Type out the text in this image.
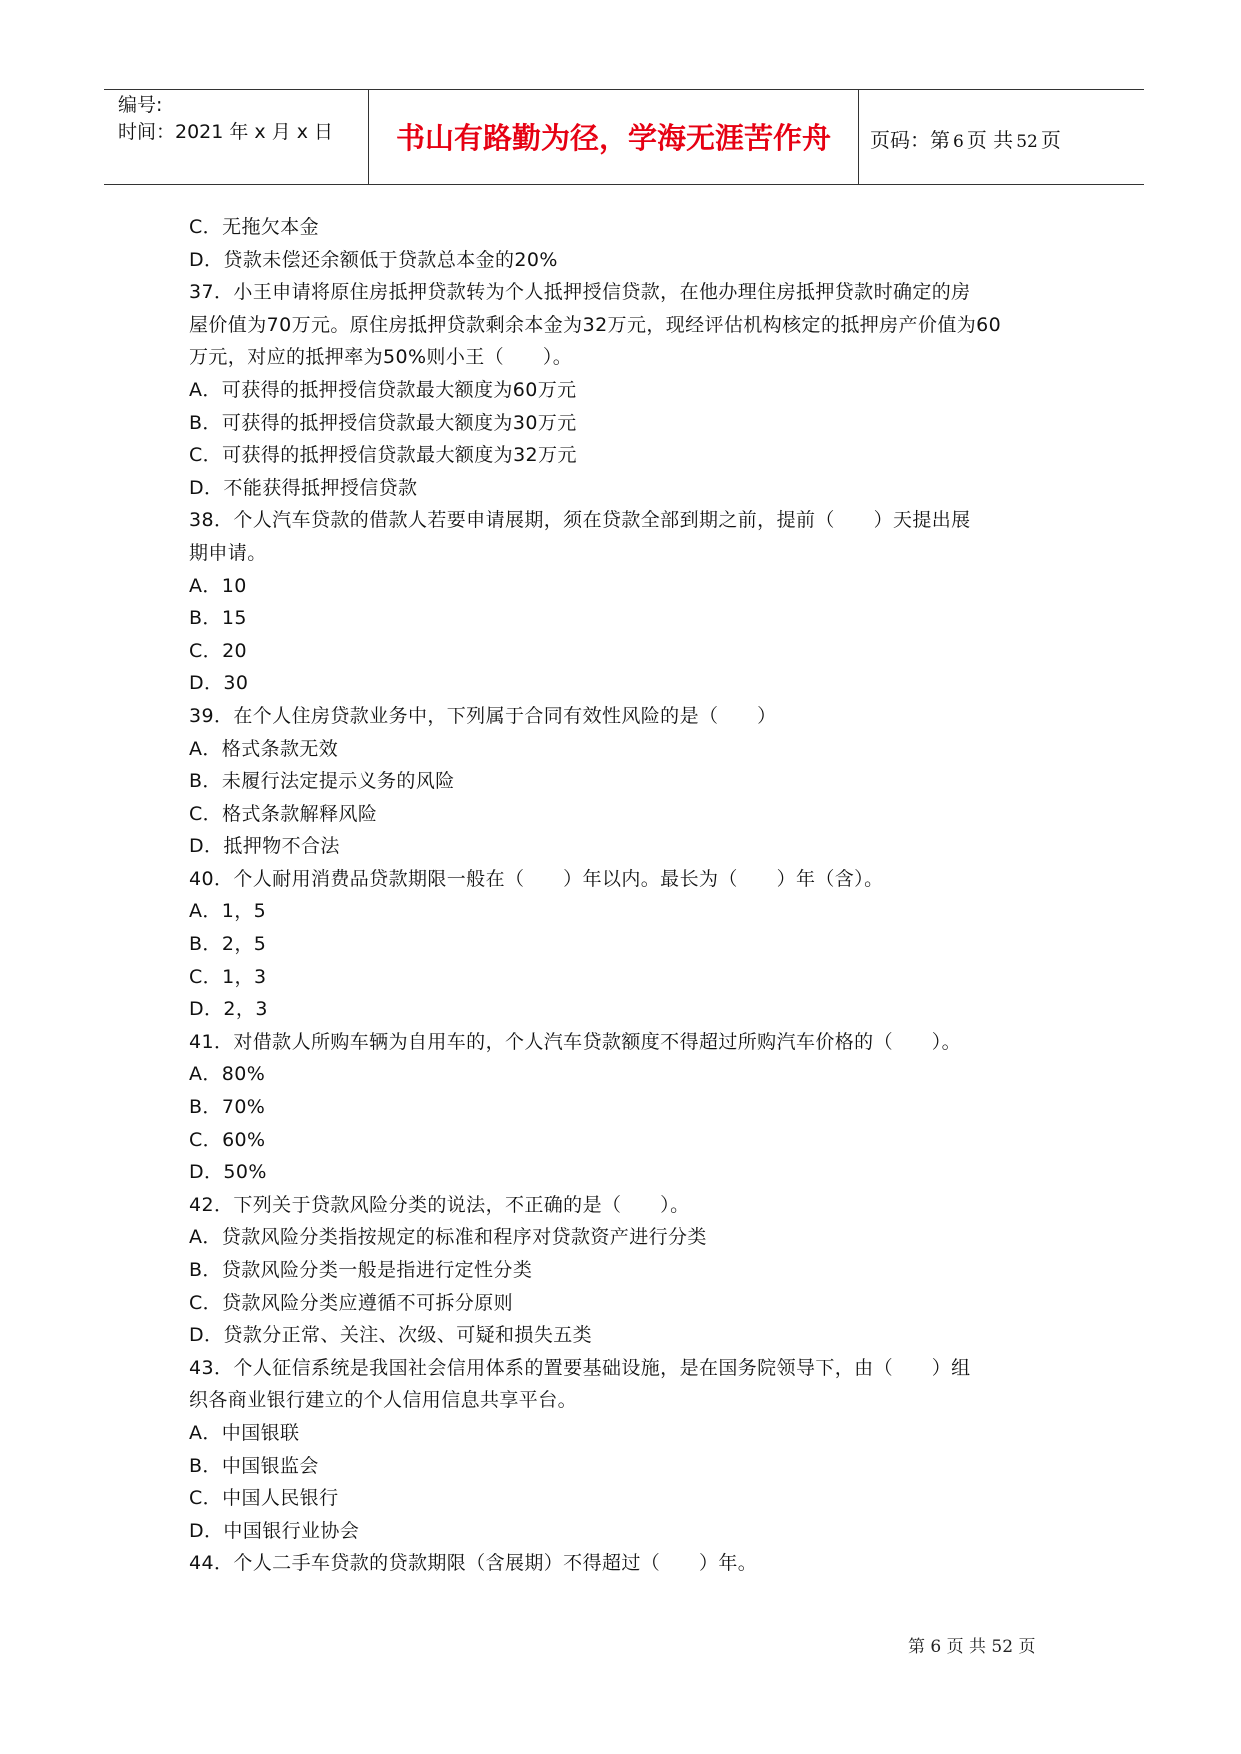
编号:
时间：2021 年 x 月 x 日	书山有路勤为径，学海无涯苦作舟	页码：第 6 页 共 52 页
C．无拖欠本金
D．贷款未偿还余额低于贷款总本金的20%
37．小王申请将原住房抵押贷款转为个人抵押授信贷款，在他办理住房抵押贷款时确定的房
屋价值为70万元。原住房抵押贷款剩余本金为32万元，现经评估机构核定的抵押房产价值为60
万元，对应的抵押率为50%则小王（　　）。
A．可获得的抵押授信贷款最大额度为60万元
B．可获得的抵押授信贷款最大额度为30万元
C．可获得的抵押授信贷款最大额度为32万元
D．不能获得抵押授信贷款
38．个人汽车贷款的借款人若要申请展期，须在贷款全部到期之前，提前（　　）天提出展
期申请。
A．10
B．15
C．20
D．30
39．在个人住房贷款业务中，下列属于合同有效性风险的是（　　）
A．格式条款无效
B．未履行法定提示义务的风险
C．格式条款解释风险
D．抵押物不合法
40．个人耐用消费品贷款期限一般在（　　）年以内。最长为（　　）年（含）。
A．1，5
B．2，5
C．1，3
D．2，3
41．对借款人所购车辆为自用车的，个人汽车贷款额度不得超过所购汽车价格的（　　）。
A．80%
B．70%
C．60%
D．50%
42．下列关于贷款风险分类的说法，不正确的是（　　）。
A．贷款风险分类指按规定的标准和程序对贷款资产进行分类
B．贷款风险分类一般是指进行定性分类
C．贷款风险分类应遵循不可拆分原则
D．贷款分正常、关注、次级、可疑和损失五类
43．个人征信系统是我国社会信用体系的置要基础设施，是在国务院领导下，由（　　）组
织各商业银行建立的个人信用信息共享平台。
A．中国银联
B．中国银监会
C．中国人民银行
D．中国银行业协会
44．个人二手车贷款的贷款期限（含展期）不得超过（　　）年。
第 6 页 共 52 页
